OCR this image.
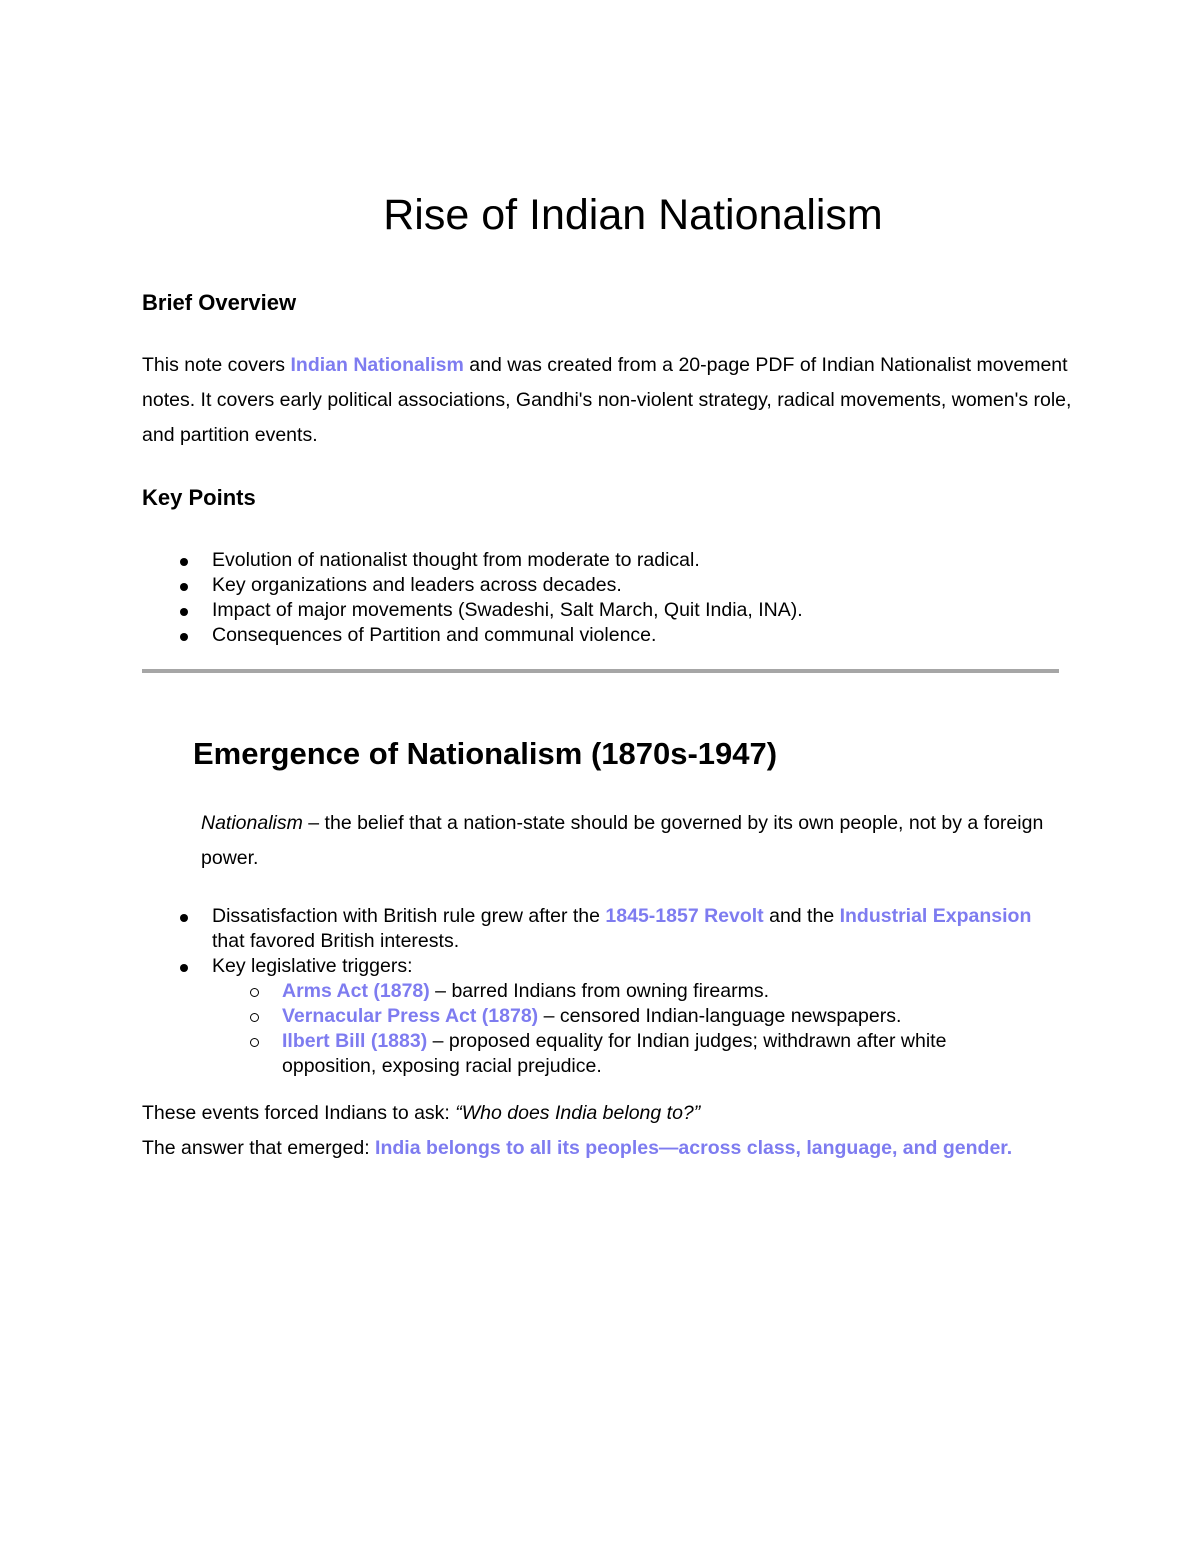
Rise of Indian Nationalism
Brief Overview

This note covers Indian Nationalism and was created from a 20-page PDF of Indian Nationalist movement notes. It covers early political associations, Gandhi's non-violent strategy, radical movements, women's role, and partition events.

Key Points
Evolution of nationalist thought from moderate to radical.
Key organizations and leaders across decades.
Impact of major movements (Swadeshi, Salt March, Quit India, INA).
Consequences of Partition and communal violence.
Emergence of Nationalism (1870s-1947)

Nationalism – the belief that a nation-state should be governed by its own people, not by a foreign power.

Dissatisfaction with British rule grew after the 1845-1857 Revolt and the Industrial Expansion that favored British interests.
Key legislative triggers:
Arms Act (1878) – barred Indians from owning firearms.
Vernacular Press Act (1878) – censored Indian-language newspapers.
Ilbert Bill (1883) – proposed equality for Indian judges; withdrawn after white opposition, exposing racial prejudice.

These events forced Indians to ask: “Who does India belong to?”

The answer that emerged: India belongs to all its peoples—across class, language, and gender.
